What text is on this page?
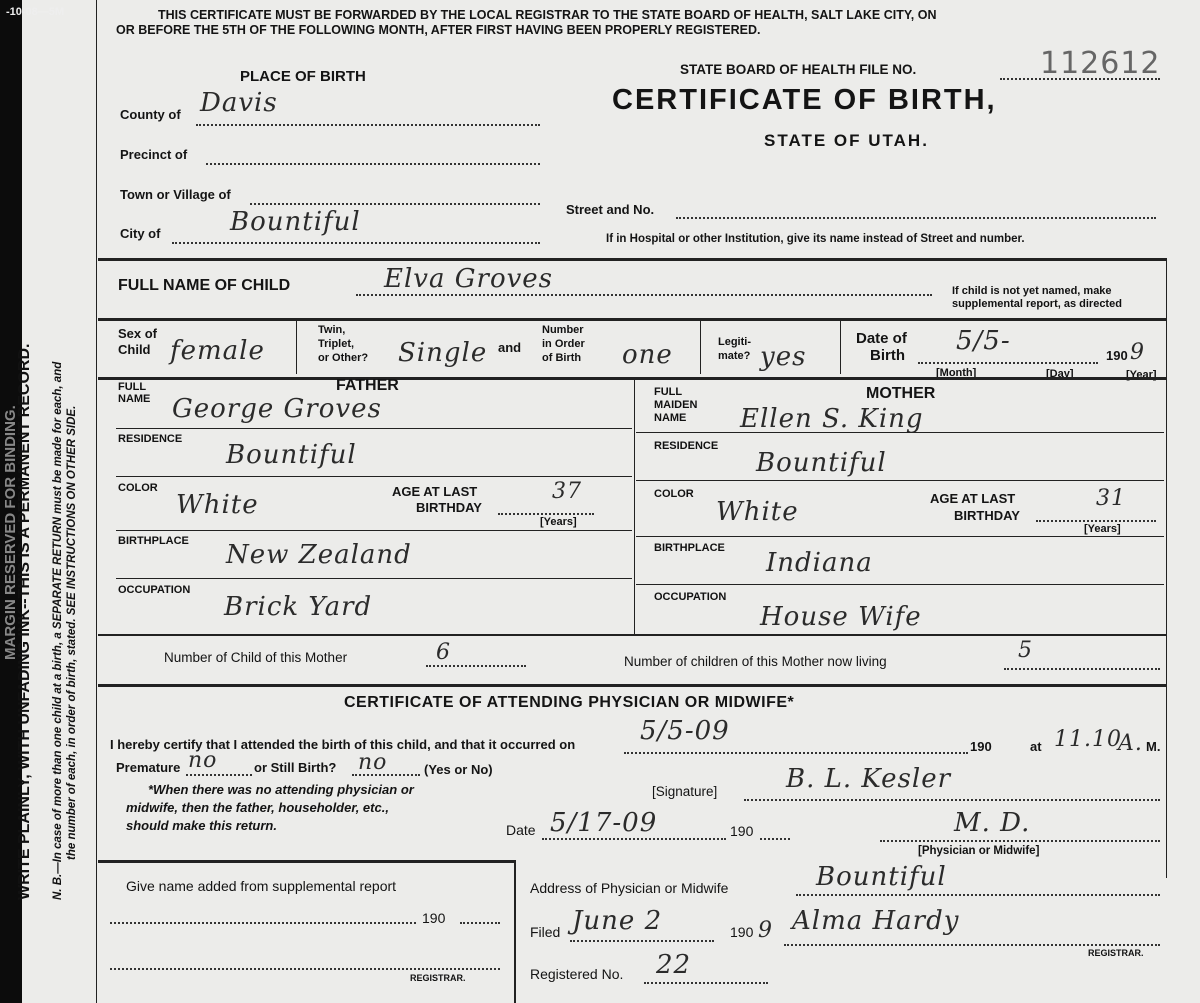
-10-08—5M
WRITE PLAINLY, WITH UNFADING INK--THIS IS A PERMANENT RECORD.
MARGIN RESERVED FOR BINDING.	N. B.—In case of more than one child at a birth, a SEPARATE RETURN must be made for each, and the number of each, in order of birth, stated. SEE INSTRUCTIONS ON OTHER SIDE.
THIS CERTIFICATE MUST BE FORWARDED BY THE LOCAL REGISTRAR TO THE STATE BOARD OF HEALTH, SALT LAKE CITY, ON
OR BEFORE THE 5TH OF THE FOLLOWING MONTH, AFTER FIRST HAVING BEEN PROPERLY REGISTERED.
PLACE OF BIRTH
County of Davis
Precinct of
Town or Village of
City of	Bountiful
STATE BOARD OF HEALTH FILE NO.	112612
CERTIFICATE OF BIRTH,
STATE OF UTAH.
Street and No.
If in Hospital or other Institution, give its name instead of Street and number.
FULL NAME OF CHILD	Elva Groves	If child is not yet named, make
supplemental report, as directed
Sex of
Child female
Twin,
Triplet,
or Other? Single and
Number
in Order
of Birth one	Legiti-
mate? yes
Date of
Birth 5/5-	190 9
[Month]	[Day]	[Year]
FATHER
FULL
NAME George Groves
RESIDENCE
Bountiful
COLOR
White	AGE AT LAST
BIRTHDAY
37
[Years]
BIRTHPLACE New Zealand
OCCUPATION
Brick Yard
MOTHER
FULL
MAIDEN
NAME Ellen S. King
RESIDENCE
Bountiful
COLOR
White	AGE AT LAST
BIRTHDAY
31
[Years]
BIRTHPLACE Indiana
OCCUPATION
House Wife
Number of Child of this Mother	6	Number of children of this Mother now living	5
CERTIFICATE OF ATTENDING PHYSICIAN OR MIDWIFE*
I hereby certify that I attended the birth of this child, and that it occurred on 5/5-09
190	at 11.10
A. M.
Premature no	or Still Birth? no	(Yes or No)
*When there was no attending physician or
midwife, then the father, householder, etc.,
should make this return.
[Signature]	B. L. Kesler
Date 5/17-09	190	M. D.
[Physician or Midwife]
Give name added from supplemental report
190
REGISTRAR.
Address of Physician or Midwife	Bountiful
Filed June 2	190 9 Alma Hardy
REGISTRAR.
Registered No. 22
